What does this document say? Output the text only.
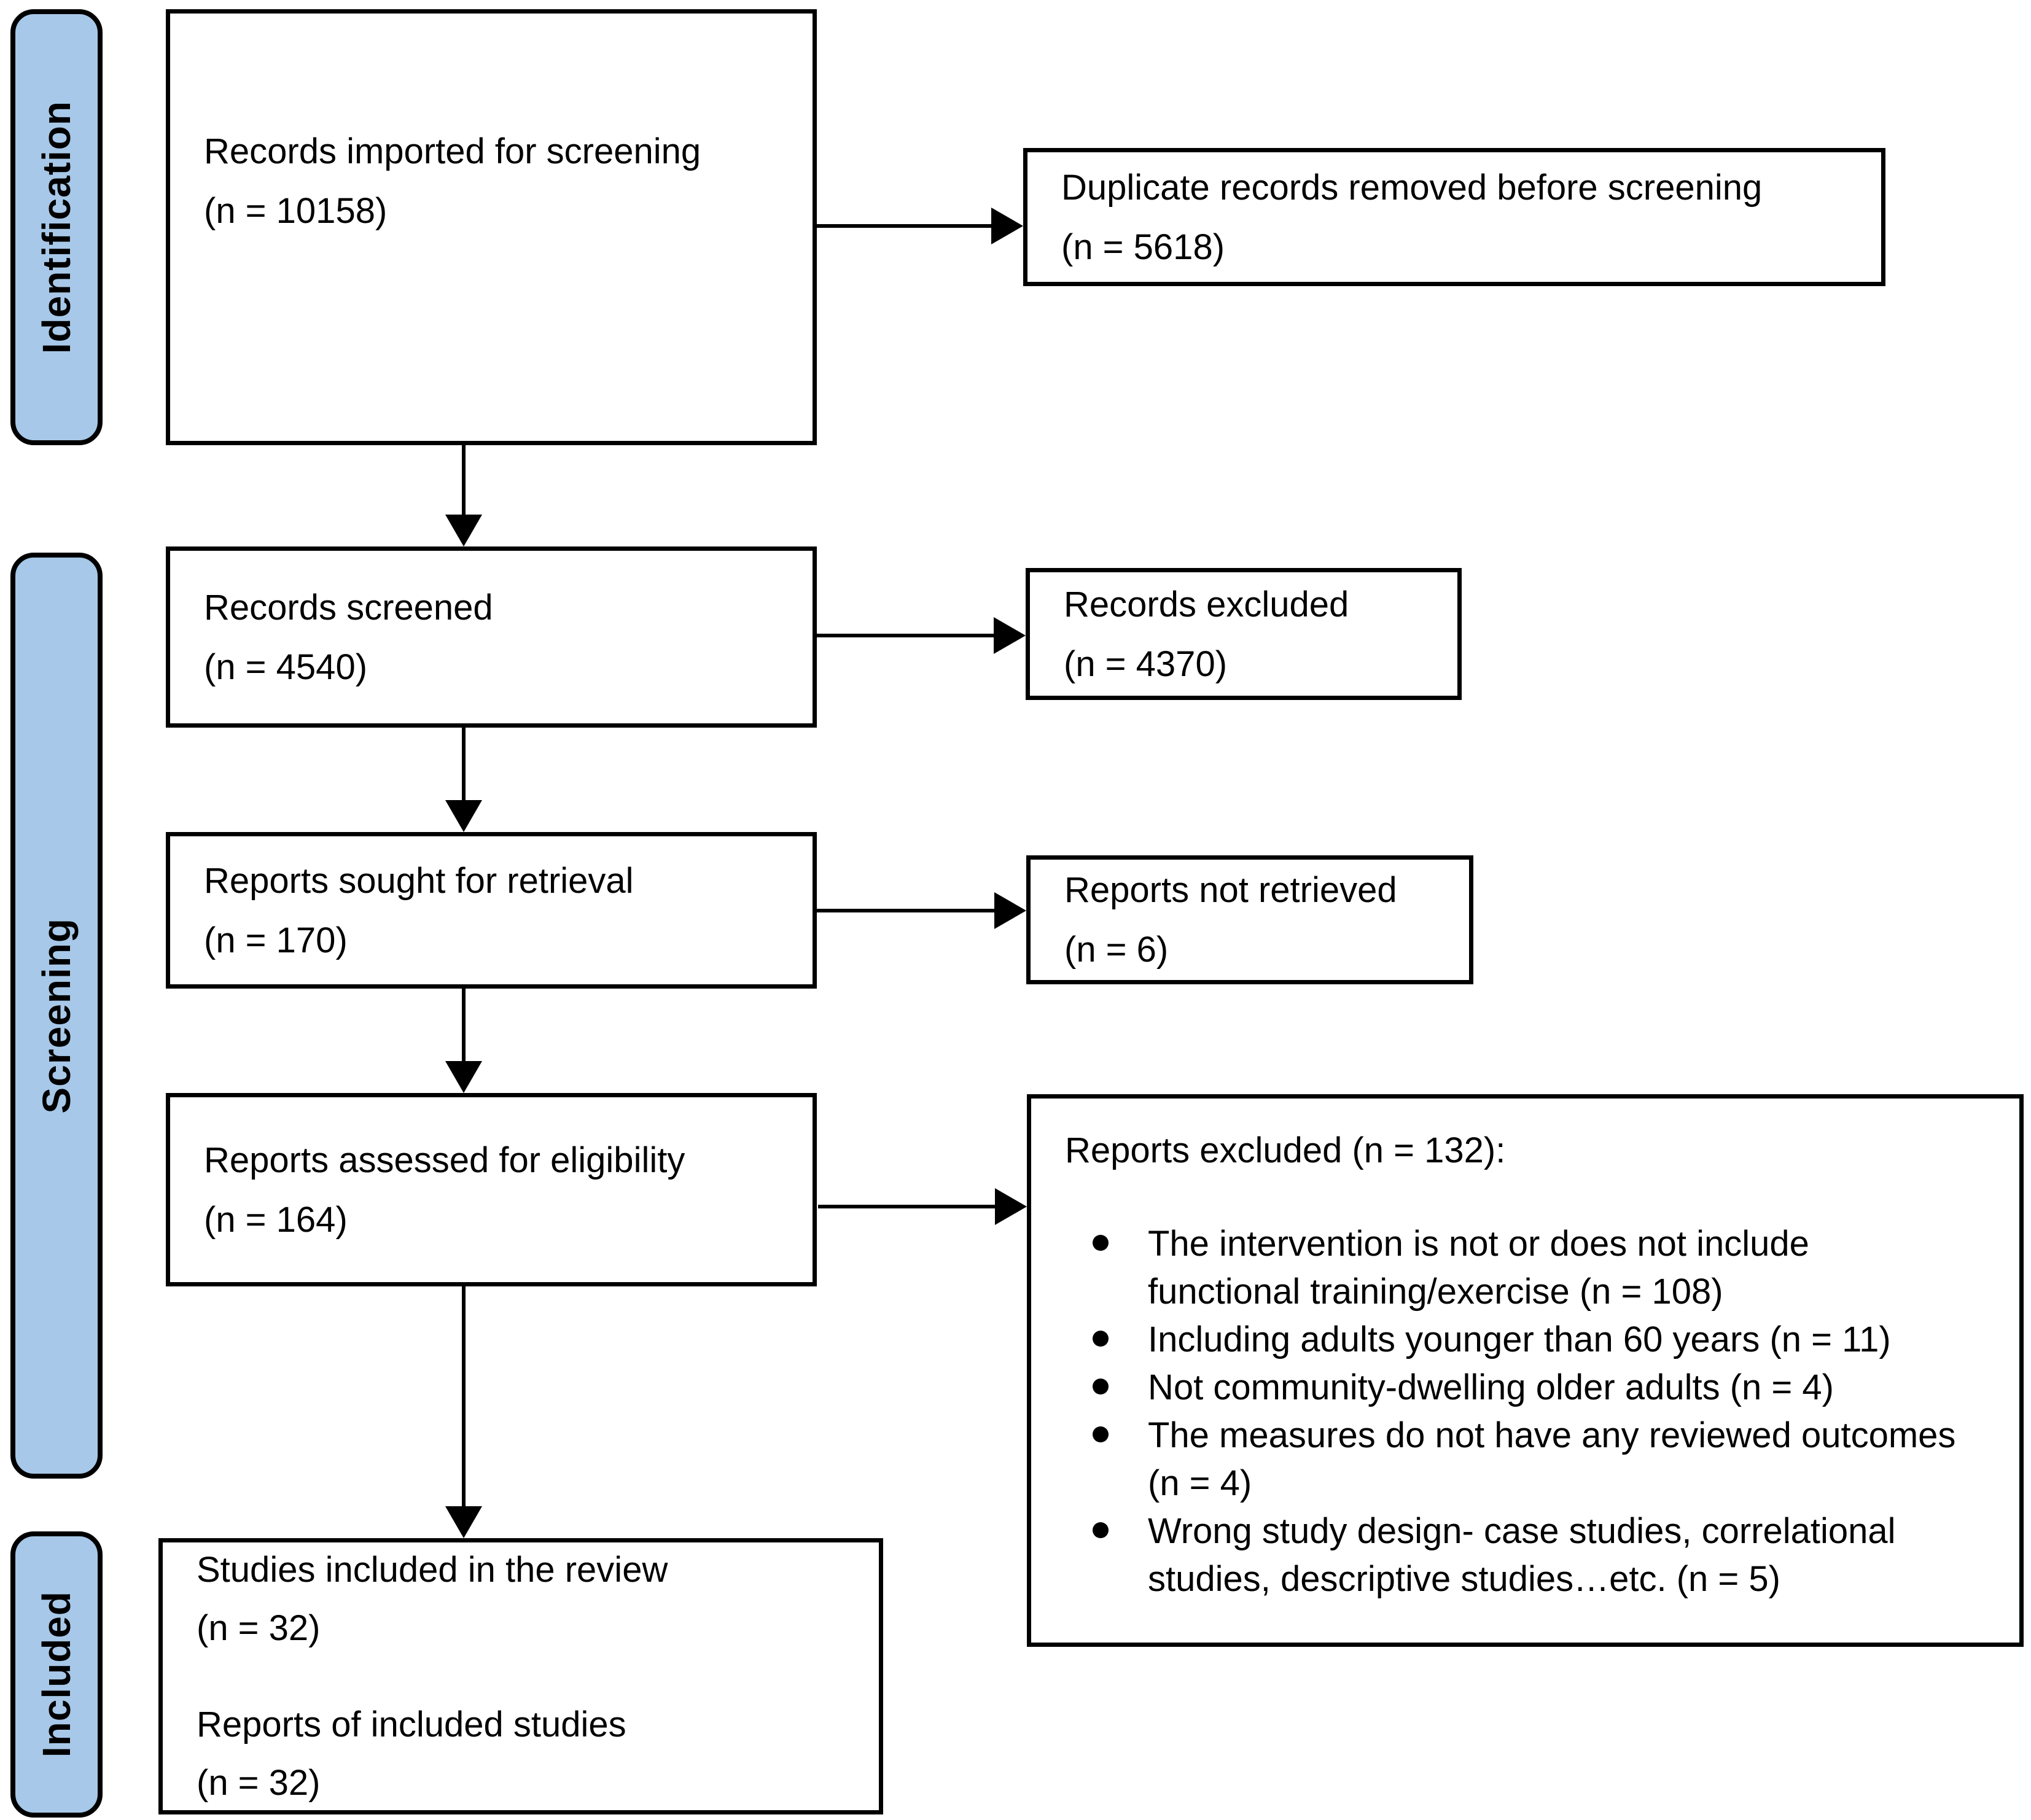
Identification
Screening
Included
Records imported for screening
(n = 10158)
Records screened
(n = 4540)
Reports sought for retrieval
(n = 170)
Reports assessed for eligibility
(n = 164)
Studies included in the review
(n = 32)
Reports of included studies
(n = 32)
Duplicate records removed before screening
(n = 5618)
Records excluded
(n = 4370)
Reports not retrieved
(n = 6)
Reports excluded (n = 132):
The intervention is not or does not include functional training/exercise (n = 108)
Including adults younger than 60 years (n = 11)
Not community-dwelling older adults (n = 4)
The measures do not have any reviewed outcomes (n = 4)
Wrong study design- case studies, correlational studies, descriptive studies…etc. (n = 5)
